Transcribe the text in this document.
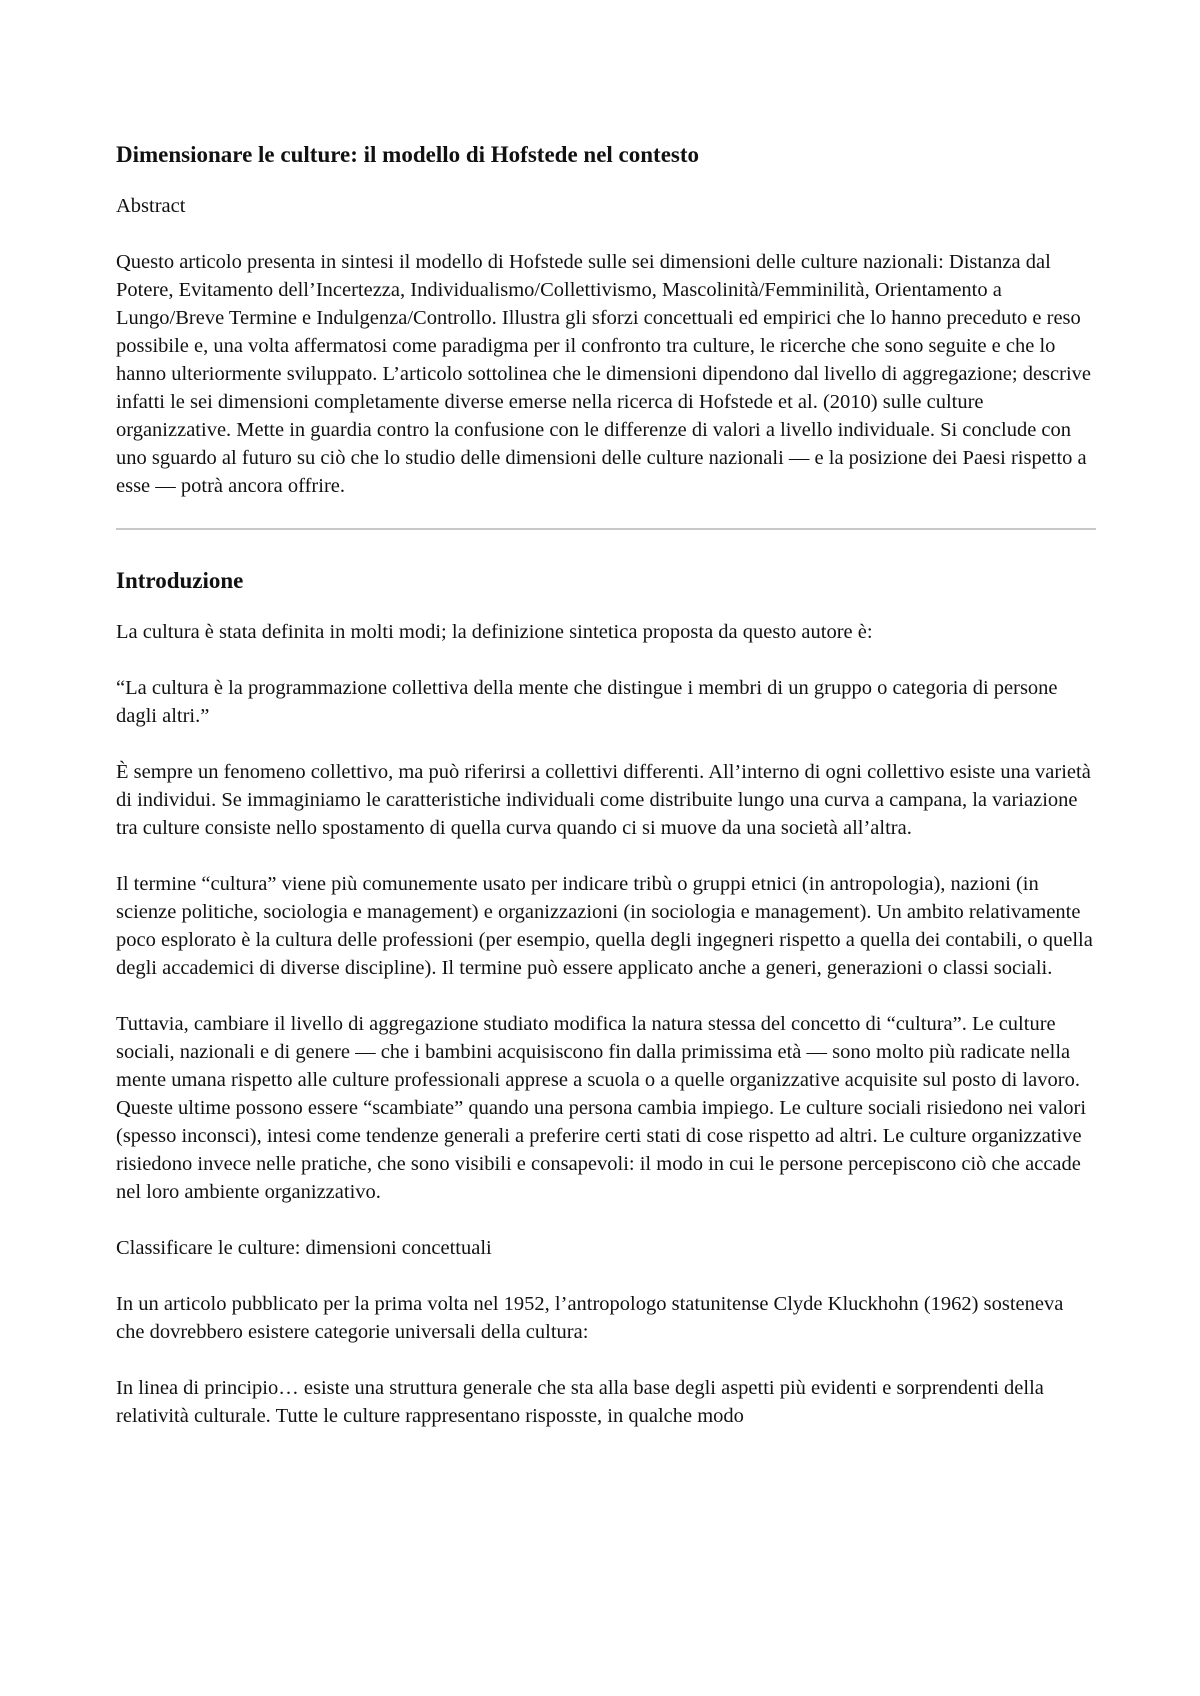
Dimensionare le culture: il modello di Hofstede nel contesto

Abstract

Questo articolo presenta in sintesi il modello di Hofstede sulle sei dimensioni delle culture nazionali: Distanza dal Potere, Evitamento dell’Incertezza, Individualismo/Collettivismo, Mascolinità/Femminilità, Orientamento a Lungo/Breve Termine e Indulgenza/Controllo. Illustra gli sforzi concettuali ed empirici che lo hanno preceduto e reso possibile e, una volta affermatosi come paradigma per il confronto tra culture, le ricerche che sono seguite e che lo hanno ulteriormente sviluppato. L’articolo sottolinea che le dimensioni dipendono dal livello di aggregazione; descrive infatti le sei dimensioni completamente diverse emerse nella ricerca di Hofstede et al. (2010) sulle culture organizzative. Mette in guardia contro la confusione con le differenze di valori a livello individuale. Si conclude con uno sguardo al futuro su ciò che lo studio delle dimensioni delle culture nazionali — e la posizione dei Paesi rispetto a esse — potrà ancora offrire.

Introduzione

La cultura è stata definita in molti modi; la definizione sintetica proposta da questo autore è:

“La cultura è la programmazione collettiva della mente che distingue i membri di un gruppo o categoria di persone dagli altri.”

È sempre un fenomeno collettivo, ma può riferirsi a collettivi differenti. All’interno di ogni collettivo esiste una varietà di individui. Se immaginiamo le caratteristiche individuali come distribuite lungo una curva a campana, la variazione tra culture consiste nello spostamento di quella curva quando ci si muove da una società all’altra.

Il termine “cultura” viene più comunemente usato per indicare tribù o gruppi etnici (in antropologia), nazioni (in scienze politiche, sociologia e management) e organizzazioni (in sociologia e management). Un ambito relativamente poco esplorato è la cultura delle professioni (per esempio, quella degli ingegneri rispetto a quella dei contabili, o quella degli accademici di diverse discipline). Il termine può essere applicato anche a generi, generazioni o classi sociali.

Tuttavia, cambiare il livello di aggregazione studiato modifica la natura stessa del concetto di “cultura”. Le culture sociali, nazionali e di genere — che i bambini acquisiscono fin dalla primissima età — sono molto più radicate nella mente umana rispetto alle culture professionali apprese a scuola o a quelle organizzative acquisite sul posto di lavoro. Queste ultime possono essere “scambiate” quando una persona cambia impiego. Le culture sociali risiedono nei valori (spesso inconsci), intesi come tendenze generali a preferire certi stati di cose rispetto ad altri. Le culture organizzative risiedono invece nelle pratiche, che sono visibili e consapevoli: il modo in cui le persone percepiscono ciò che accade nel loro ambiente organizzativo.

Classificare le culture: dimensioni concettuali

In un articolo pubblicato per la prima volta nel 1952, l’antropologo statunitense Clyde Kluckhohn (1962) sosteneva che dovrebbero esistere categorie universali della cultura:

In linea di principio… esiste una struttura generale che sta alla base degli aspetti più evidenti e sorprendenti della relatività culturale. Tutte le culture rappresentano risposste, in qualche modo
